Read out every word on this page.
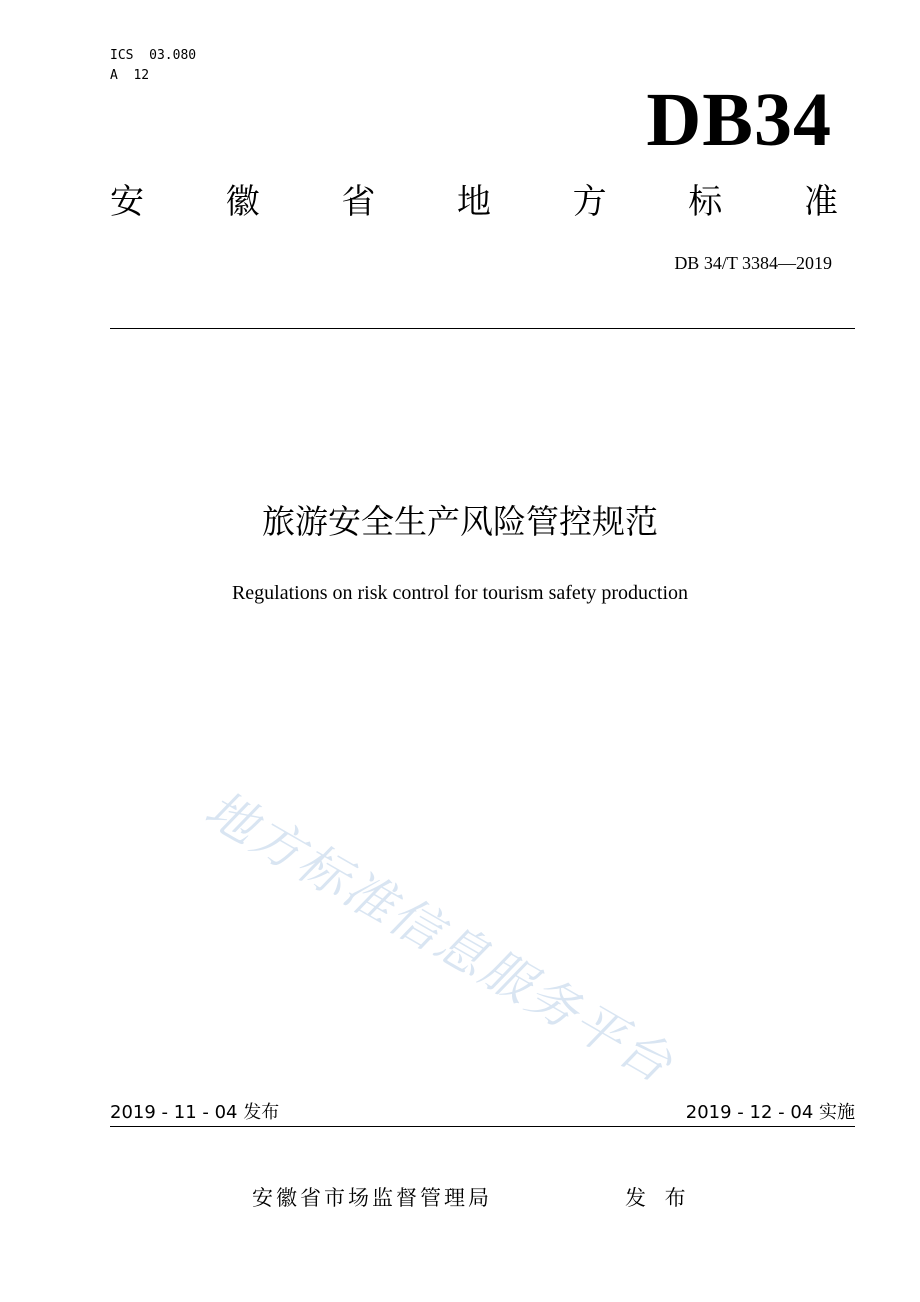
ICS  03.080
A  12
DB34
安 徽 省 地 方 标 准
DB 34/T 3384—2019
旅游安全生产风险管控规范
Regulations on risk control for tourism safety production
地方标准信息服务平台
2019 - 11 - 04 发布	2019 - 12 - 04 实施
安徽省市场监督管理局	发 布
